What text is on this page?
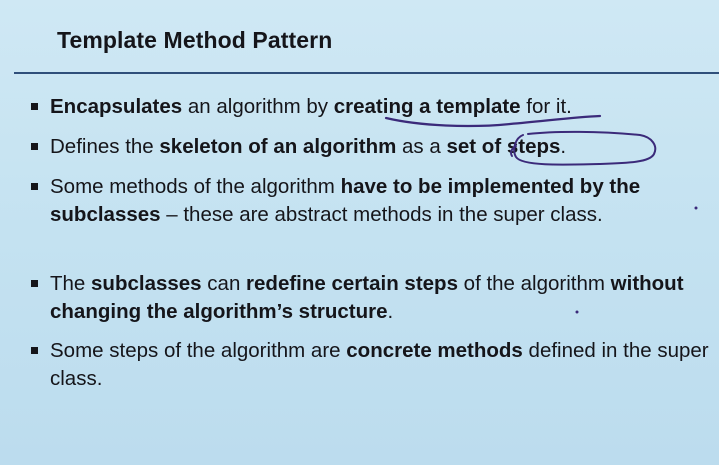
Template Method Pattern
Encapsulates an algorithm by creating a template for it.
Defines the skeleton of an algorithm as a set of steps.
Some methods of the algorithm have to be implemented by the subclasses – these are abstract methods in the super class.
The subclasses can redefine certain steps of the algorithm without changing the algorithm’s structure.
Some steps of the algorithm are concrete methods defined in the super class.
